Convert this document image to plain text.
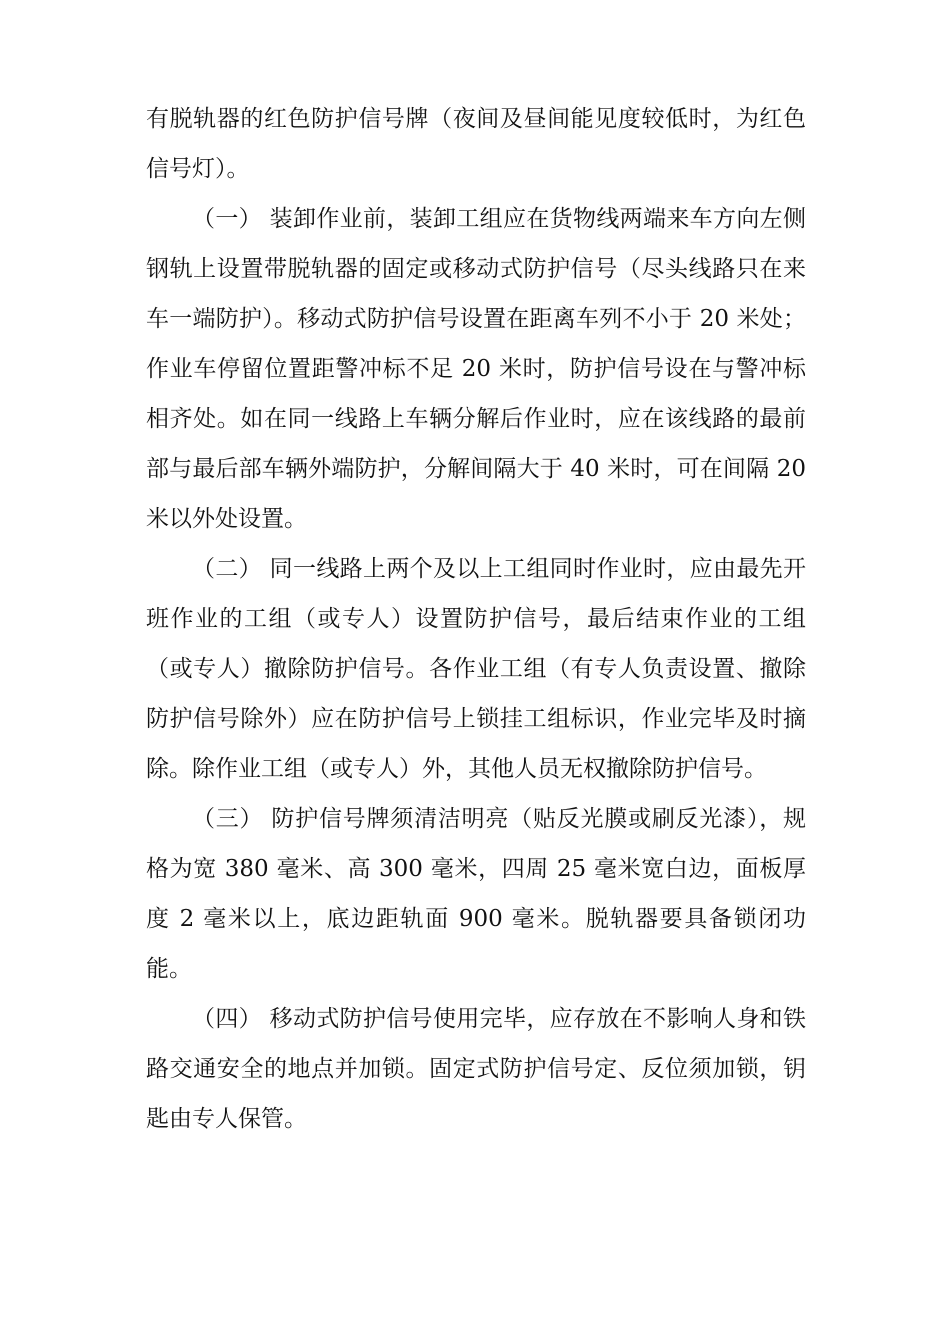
有脱轨器的红色防护信号牌（夜间及昼间能见度较低时，为红色信号灯）。

（一） 装卸作业前，装卸工组应在货物线两端来车方向左侧钢轨上设置带脱轨器的固定或移动式防护信号（尽头线路只在来车一端防护）。移动式防护信号设置在距离车列不小于 20 米处；作业车停留位置距警冲标不足 20 米时，防护信号设在与警冲标相齐处。如在同一线路上车辆分解后作业时，应在该线路的最前部与最后部车辆外端防护，分解间隔大于 40 米时，可在间隔 20 米以外处设置。

（二） 同一线路上两个及以上工组同时作业时，应由最先开班作业的工组（或专人）设置防护信号，最后结束作业的工组（或专人）撤除防护信号。各作业工组（有专人负责设置、撤除防护信号除外）应在防护信号上锁挂工组标识，作业完毕及时摘除。除作业工组（或专人）外，其他人员无权撤除防护信号。

（三） 防护信号牌须清洁明亮（贴反光膜或刷反光漆），规格为宽 380 毫米、高 300 毫米，四周 25 毫米宽白边，面板厚度 2 毫米以上，底边距轨面 900 毫米。脱轨器要具备锁闭功能。

（四） 移动式防护信号使用完毕，应存放在不影响人身和铁路交通安全的地点并加锁。固定式防护信号定、反位须加锁，钥匙由专人保管。
